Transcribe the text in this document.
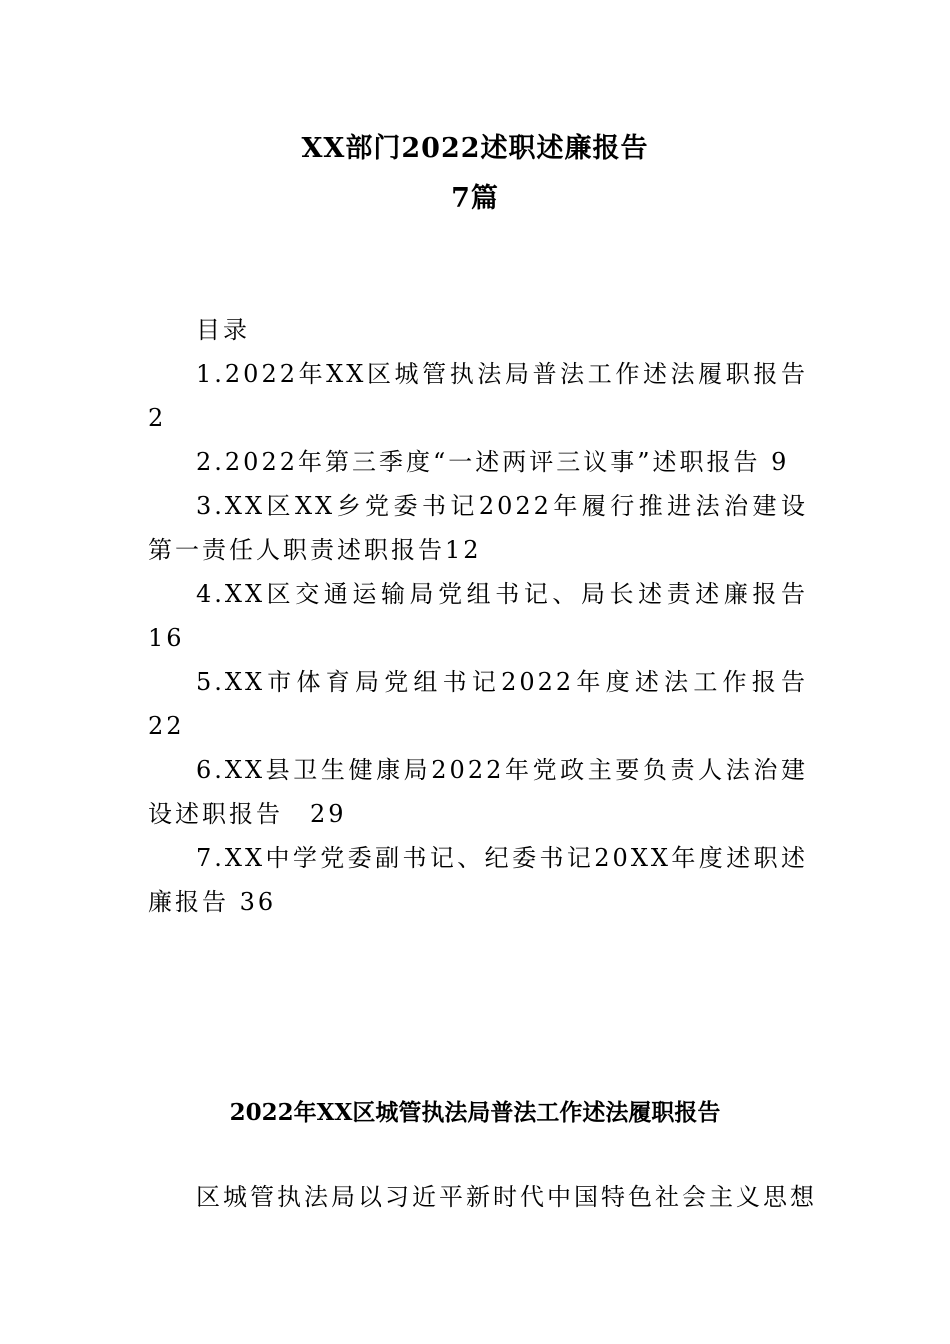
XX部门2022述职述廉报告
7篇

目录

1.2022年XX区城管执法局普法工作述法履职报告2

2.2022年第三季度“一述两评三议事”述职报告 9

3.XX区XX乡党委书记2022年履行推进法治建设第一责任人职责述职报告12

4.XX区交通运输局党组书记、局长述责述廉报告 16

5.XX市体育局党组书记2022年度述法工作报告　22

6.XX县卫生健康局2022年党政主要负责人法治建设述职报告　29

7.XX中学党委副书记、纪委书记20XX年度述职述廉报告 36

2022年XX区城管执法局普法工作述法履职报告

区城管执法局以习近平新时代中国特色社会主义思想
